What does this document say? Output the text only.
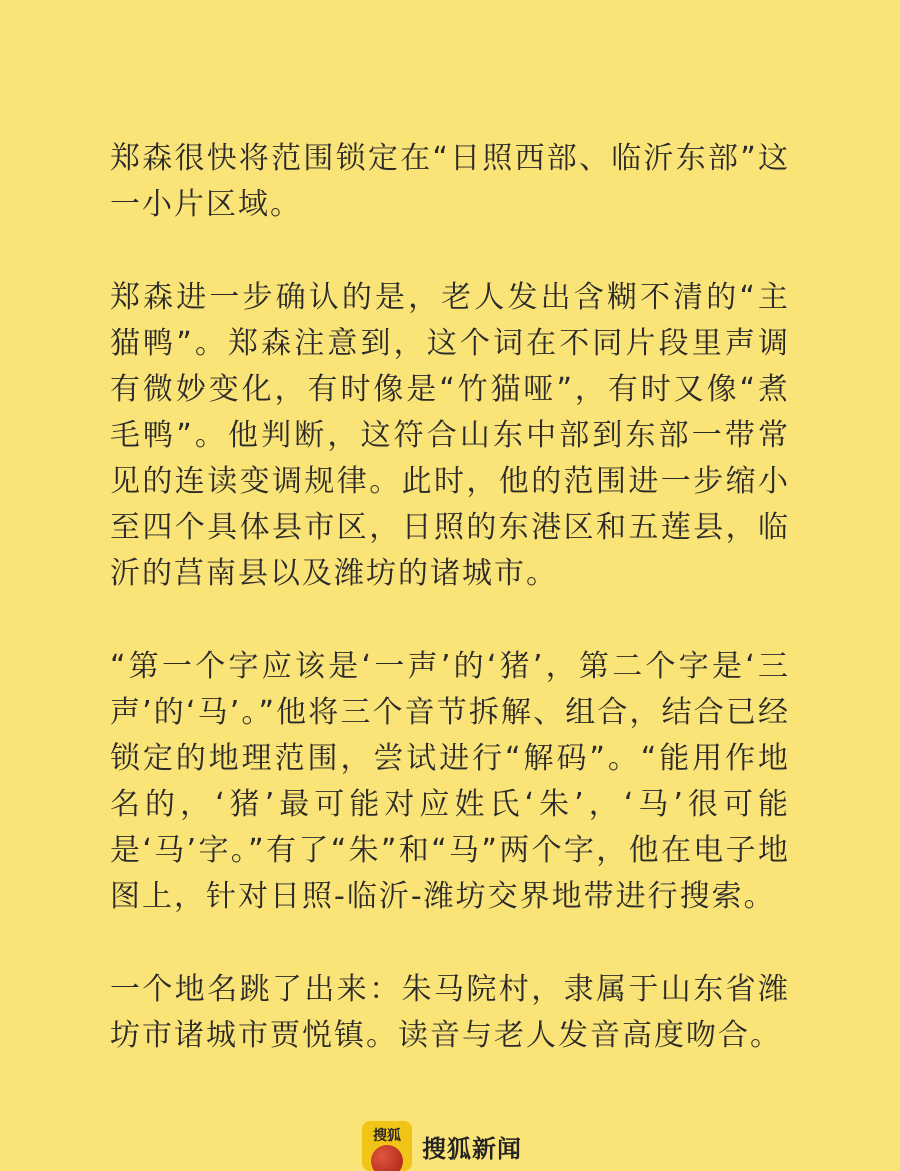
郑森很快将范围锁定在“日照西部、临沂东部”这一小片区域。

郑森进一步确认的是，老人发出含糊不清的“主猫鸭”。郑森注意到，这个词在不同片段里声调有微妙变化，有时像是“竹猫哑”，有时又像“煮毛鸭”。他判断，这符合山东中部到东部一带常见的连读变调规律。此时，他的范围进一步缩小至四个具体县市区，日照的东港区和五莲县，临沂的莒南县以及潍坊的诸城市。

“第一个字应该是‘一声’的‘猪’，第二个字是‘三声’的‘马’。”他将三个音节拆解、组合，结合已经锁定的地理范围，尝试进行“解码”。“能用作地名的，‘猪’最可能对应姓氏‘朱’，‘马’很可能是‘马’字。”有了“朱”和“马”两个字，他在电子地图上，针对日照-临沂-潍坊交界地带进行搜索。

一个地名跳了出来：朱马院村，隶属于山东省潍坊市诸城市贾悦镇。读音与老人发音高度吻合。

搜狐 搜狐新闻
